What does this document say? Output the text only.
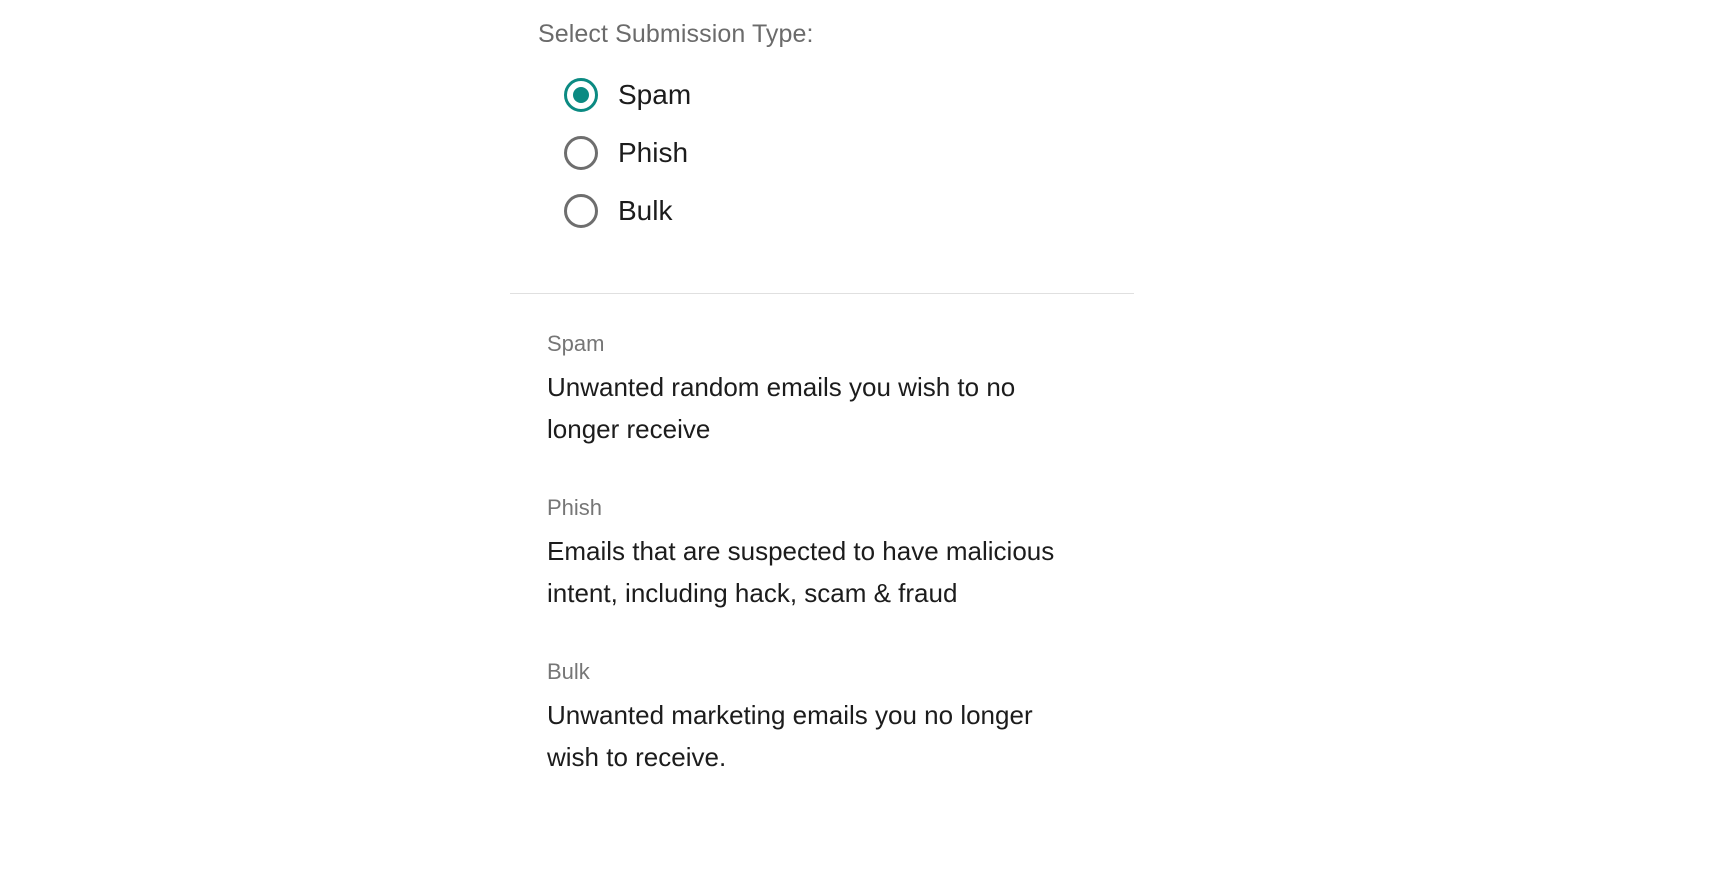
Select Submission Type:
Spam
Phish
Bulk
Spam
Unwanted random emails you wish to no longer receive
Phish
Emails that are suspected to have malicious intent, including hack, scam & fraud
Bulk
Unwanted marketing emails you no longer wish to receive.
